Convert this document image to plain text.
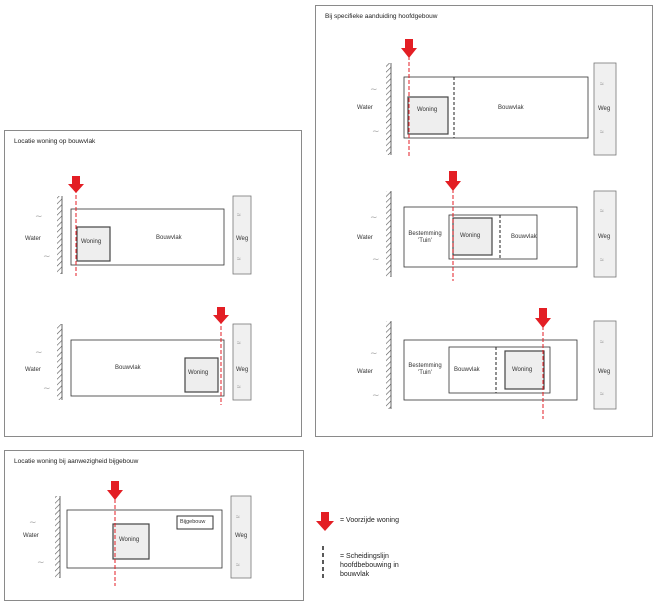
Locatie woning op bouwvlak
∼
∼
≈
≈
∼
∼
≈
≈
Water	Woning
Bouwvlak	Weg
Water	Bouwvlak
Woning	Weg
Bij specifieke aanduiding hoofdgebouw
∼
∼
≈
≈
∼
∼
≈
≈
∼
∼
≈
≈
Water	Woning	Bouwvlak	Weg
Water
Bestemming 'Tuin'
Woning	Bouwvlak	Weg
Water
Bestemming 'Tuin'	Bouwvlak	Woning	Weg
Locatie woning bij aanwezigheid bijgebouw
∼
∼
≈
≈
Water
Woning
Bijgebouw
Weg
= Voorzijde woning
= Scheidingslijn hoofdbebouwing in bouwvlak
